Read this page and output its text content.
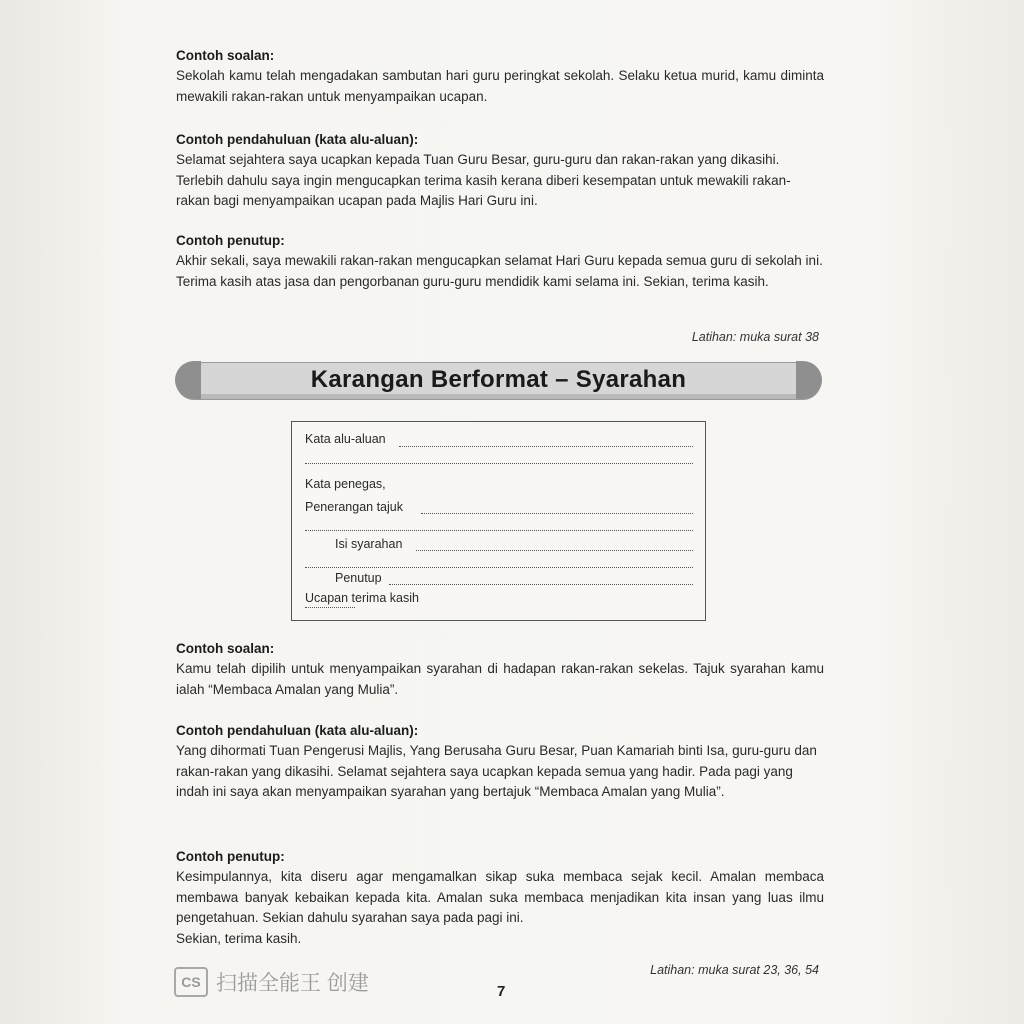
Contoh soalan:

Sekolah kamu telah mengadakan sambutan hari guru peringkat sekolah. Selaku ketua murid, kamu diminta mewakili rakan-rakan untuk menyampaikan ucapan.

Contoh pendahuluan (kata alu-aluan):

Selamat sejahtera saya ucapkan kepada Tuan Guru Besar, guru-guru dan rakan-rakan yang dikasihi. Terlebih dahulu saya ingin mengucapkan terima kasih kerana diberi kesempatan untuk mewakili rakan-rakan bagi menyampaikan ucapan pada Majlis Hari Guru ini.

Contoh penutup:

Akhir sekali, saya mewakili rakan-rakan mengucapkan selamat Hari Guru kepada semua guru di sekolah ini. Terima kasih atas jasa dan pengorbanan guru-guru mendidik kami selama ini. Sekian, terima kasih.

Latihan: muka surat 38
Karangan Berformat – Syarahan
Kata alu-aluan
Kata penegas,
Penerangan tajuk
Isi syarahan
Penutup
Ucapan terima kasih

Contoh soalan:

Kamu telah dipilih untuk menyampaikan syarahan di hadapan rakan-rakan sekelas. Tajuk syarahan kamu ialah “Membaca Amalan yang Mulia”.

Contoh pendahuluan (kata alu-aluan):

Yang dihormati Tuan Pengerusi Majlis, Yang Berusaha Guru Besar, Puan Kamariah binti Isa, guru-guru dan rakan-rakan yang dikasihi. Selamat sejahtera saya ucapkan kepada semua yang hadir. Pada pagi yang indah ini saya akan menyampaikan syarahan yang bertajuk “Membaca Amalan yang Mulia”.

Contoh penutup:

Kesimpulannya, kita diseru agar mengamalkan sikap suka membaca sejak kecil. Amalan membaca membawa banyak kebaikan kepada kita. Amalan suka membaca menjadikan kita insan yang luas ilmu pengetahuan. Sekian dahulu syarahan saya pada pagi ini.

Sekian, terima kasih.

Latihan: muka surat 23, 36, 54
CS 扫描全能王 创建	7
